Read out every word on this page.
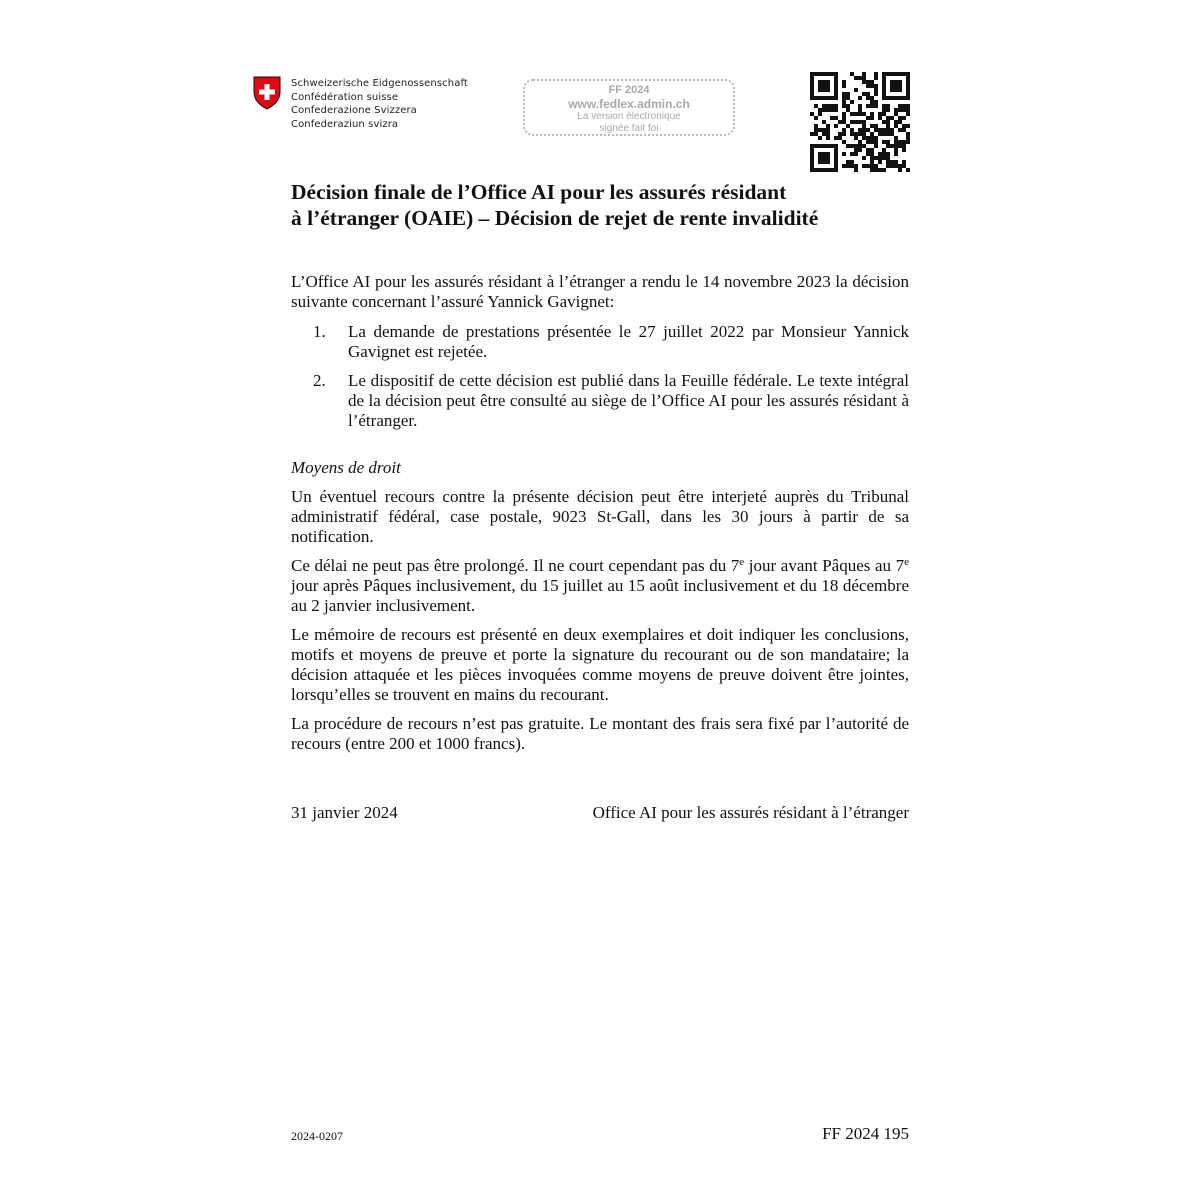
Schweizerische Eidgenossenschaft
Confédération suisse
Confederazione Svizzera
Confederaziun svizra
FF 2024
www.fedlex.admin.ch
La version électronique
signée fait foi
Décision finale de l’Office AI pour les assurés résidant
à l’étranger (OAIE) – Décision de rejet de rente invalidité

L’Office AI pour les assurés résidant à l’étranger a rendu le 14 novembre 2023 la décision suivante concernant l’assuré Yannick Gavignet:

1.	La demande de prestations présentée le 27 juillet 2022 par Monsieur Yannick Gavignet est rejetée.
2.	Le dispositif de cette décision est publié dans la Feuille fédérale. Le texte intégral de la décision peut être consulté au siège de l’Office AI pour les assurés résidant à l’étranger.

Moyens de droit

Un éventuel recours contre la présente décision peut être interjeté auprès du Tribunal administratif fédéral, case postale, 9023 St-Gall, dans les 30 jours à partir de sa notification.

Ce délai ne peut pas être prolongé. Il ne court cependant pas du 7e jour avant Pâques au 7e jour après Pâques inclusivement, du 15 juillet au 15 août inclusivement et du 18 décembre au 2 janvier inclusivement.

Le mémoire de recours est présenté en deux exemplaires et doit indiquer les conclusions, motifs et moyens de preuve et porte la signature du recourant ou de son mandataire; la décision attaquée et les pièces invoquées comme moyens de preuve doivent être jointes, lorsqu’elles se trouvent en mains du recourant.

La procédure de recours n’est pas gratuite. Le montant des frais sera fixé par l’autorité de recours (entre 200 et 1000 francs).

31 janvier 2024	Office AI pour les assurés résidant à l’étranger
2024-0207	FF 2024 195
